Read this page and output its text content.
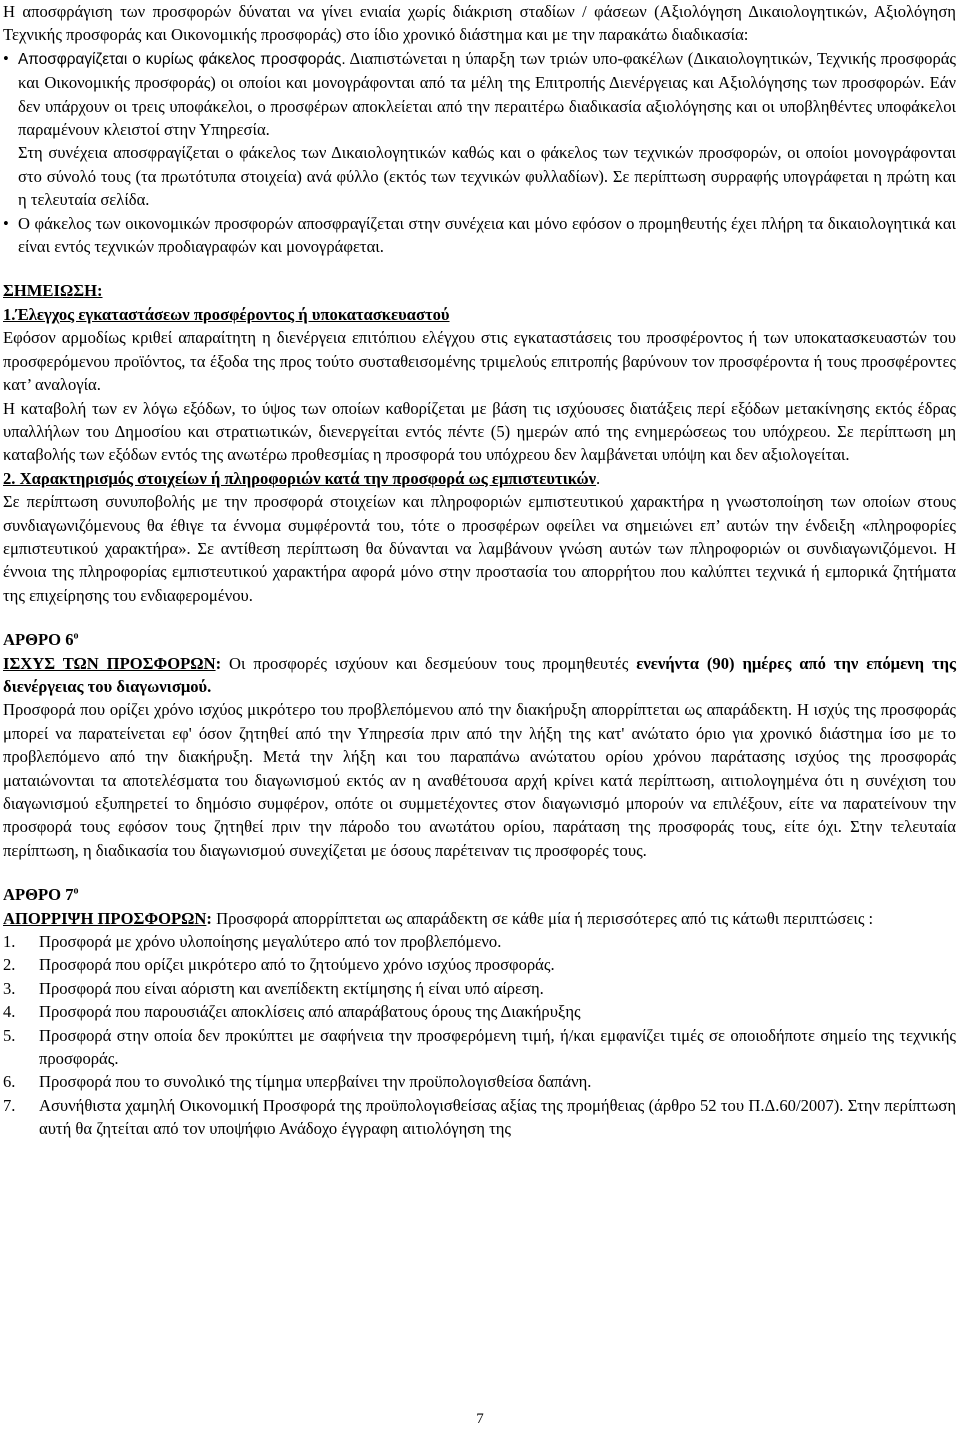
Η αποσφράγιση των προσφορών δύναται να γίνει ενιαία χωρίς διάκριση σταδίων / φάσεων (Αξιολόγηση Δικαιολογητικών, Αξιολόγηση Τεχνικής προσφοράς και Οικονομικής προσφοράς) στο ίδιο χρονικό διάστημα και με την παρακάτω διαδικασία:

• Αποσφραγίζεται ο κυρίως φάκελος προσφοράς. Διαπιστώνεται η ύπαρξη των τριών υπο-φακέλων (Δικαιολογητικών, Τεχνικής προσφοράς και Οικονομικής προσφοράς) οι οποίοι και μονογράφονται από τα μέλη της Επιτροπής Διενέργειας και Αξιολόγησης των προσφορών. Εάν δεν υπάρχουν οι τρεις υποφάκελοι, ο προσφέρων αποκλείεται από την περαιτέρω διαδικασία αξιολόγησης και οι υποβληθέντες υποφάκελοι παραμένουν κλειστοί στην Υπηρεσία.

Στη συνέχεια αποσφραγίζεται ο φάκελος των Δικαιολογητικών καθώς και ο φάκελος των τεχνικών προσφορών, οι οποίοι μονογράφονται στο σύνολό τους (τα πρωτότυπα στοιχεία) ανά φύλλο (εκτός των τεχνικών φυλλαδίων). Σε περίπτωση συρραφής υπογράφεται η πρώτη και η τελευταία σελίδα.

• Ο φάκελος των οικονομικών προσφορών αποσφραγίζεται στην συνέχεια και μόνο εφόσον ο προμηθευτής έχει πλήρη τα δικαιολογητικά και είναι εντός τεχνικών προδιαγραφών και μονογράφεται.

ΣΗΜΕΙΩΣΗ:

1.Έλεγχος εγκαταστάσεων προσφέροντος ή υποκατασκευαστού

Εφόσον αρμοδίως κριθεί απαραίτητη η διενέργεια επιτόπιου ελέγχου στις εγκαταστάσεις του προσφέροντος ή των υποκατασκευαστών του προσφερόμενου προϊόντος, τα έξοδα της προς τούτο συσταθεισομένης τριμελούς επιτροπής βαρύνουν τον προσφέροντα ή τους προσφέροντες κατ’ αναλογία.

Η καταβολή των εν λόγω εξόδων, το ύψος των οποίων καθορίζεται με βάση τις ισχύουσες διατάξεις περί εξόδων μετακίνησης εκτός έδρας υπαλλήλων του Δημοσίου και στρατιωτικών, διενεργείται εντός πέντε (5) ημερών από της ενημερώσεως του υπόχρεου. Σε περίπτωση μη καταβολής των εξόδων εντός της ανωτέρω προθεσμίας η προσφορά του υπόχρεου δεν λαμβάνεται υπόψη και δεν αξιολογείται.

2. Χαρακτηρισμός στοιχείων ή πληροφοριών κατά την προσφορά ως εμπιστευτικών.

Σε περίπτωση συνυποβολής με την προσφορά στοιχείων και πληροφοριών εμπιστευτικού χαρακτήρα η γνωστοποίηση των οποίων στους συνδιαγωνιζόμενους θα έθιγε τα έννομα συμφέροντά του, τότε ο προσφέρων οφείλει να σημειώνει επ’ αυτών την ένδειξη «πληροφορίες εμπιστευτικού χαρακτήρα». Σε αντίθεση περίπτωση θα δύνανται να λαμβάνουν γνώση αυτών των πληροφοριών οι συνδιαγωνιζόμενοι. Η έννοια της πληροφορίας εμπιστευτικού χαρακτήρα αφορά μόνο στην προστασία του απορρήτου που καλύπτει τεχνικά ή εμπορικά ζητήματα της επιχείρησης του ενδιαφερομένου.

ΑΡΘΡΟ $6^o$

ΙΣΧΥΣ ΤΩΝ ΠΡΟΣΦΟΡΩΝ: Οι προσφορές ισχύουν και δεσμεύουν τους προμηθευτές ενενήντα (90) ημέρες από την επόμενη της διενέργειας του διαγωνισμού.

Προσφορά που ορίζει χρόνο ισχύος μικρότερο του προβλεπόμενου από την διακήρυξη απορρίπτεται ως απαράδεκτη. Η ισχύς της προσφοράς μπορεί να παρατείνεται εφ' όσον ζητηθεί από την Υπηρεσία πριν από την λήξη της κατ' ανώτατο όριο για χρονικό διάστημα ίσο με το προβλεπόμενο από την διακήρυξη. Μετά την λήξη και του παραπάνω ανώτατου ορίου χρόνου παράτασης ισχύος της προσφοράς ματαιώνονται τα αποτελέσματα του διαγωνισμού εκτός αν η αναθέτουσα αρχή κρίνει κατά περίπτωση, αιτιολογημένα ότι η συνέχιση του διαγωνισμού εξυπηρετεί το δημόσιο συμφέρον, οπότε οι συμμετέχοντες στον διαγωνισμό μπορούν να επιλέξουν, είτε να παρατείνουν την προσφορά τους εφόσον τους ζητηθεί πριν την πάροδο του ανωτάτου ορίου, παράταση της προσφοράς τους, είτε όχι. Στην τελευταία περίπτωση, η διαδικασία του διαγωνισμού συνεχίζεται με όσους παρέτειναν τις προσφορές τους.

ΑΡΘΡΟ $7^o$

ΑΠΟΡΡΙΨΗ ΠΡΟΣΦΟΡΩΝ: Προσφορά απορρίπτεται ως απαράδεκτη σε κάθε μία ή περισσότερες από τις κάτωθι περιπτώσεις :

1. Προσφορά με χρόνο υλοποίησης μεγαλύτερο από τον προβλεπόμενο.

2. Προσφορά που ορίζει μικρότερο από το ζητούμενο χρόνο ισχύος προσφοράς.

3. Προσφορά που είναι αόριστη και ανεπίδεκτη εκτίμησης ή είναι υπό αίρεση.

4. Προσφορά που παρουσιάζει αποκλίσεις από απαράβατους όρους της Διακήρυξης

5. Προσφορά στην οποία δεν προκύπτει με σαφήνεια την προσφερόμενη τιμή, ή/και εμφανίζει τιμές σε οποιοδήποτε σημείο της τεχνικής προσφοράς.

6. Προσφορά που το συνολικό της τίμημα υπερβαίνει την προϋπολογισθείσα δαπάνη.

7. Ασυνήθιστα χαμηλή Οικονομική Προσφορά της προϋπολογισθείσας αξίας της προμήθειας (άρθρο 52 του Π.Δ.60/2007). Στην περίπτωση αυτή θα ζητείται από τον υποψήφιο Ανάδοχο έγγραφη αιτιολόγηση της

7
